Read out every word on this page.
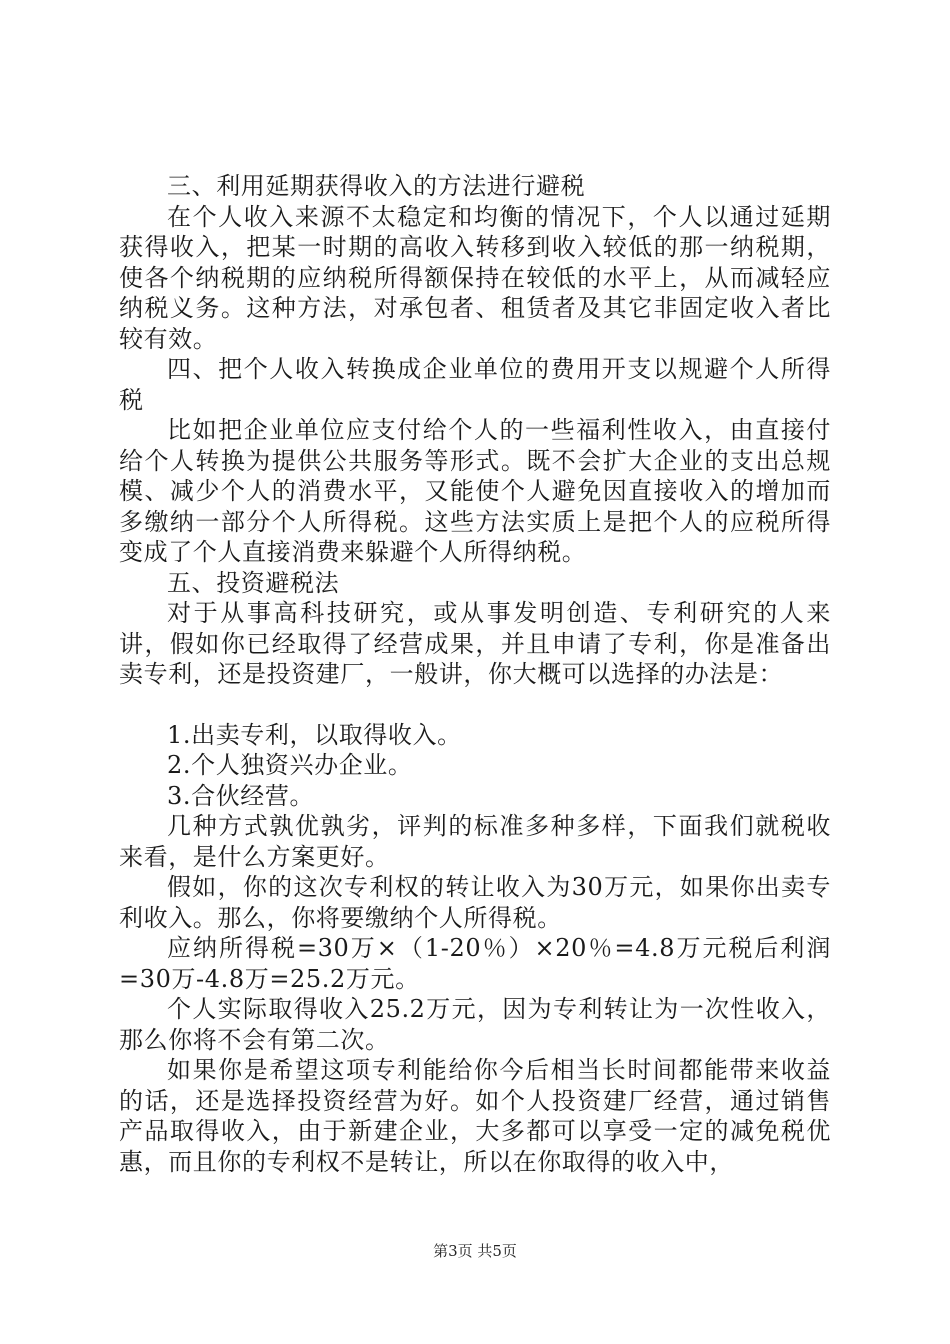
三、利用延期获得收入的方法进行避税

在个人收入来源不太稳定和均衡的情况下，个人以通过延期获得收入，把某一时期的高收入转移到收入较低的那一纳税期，使各个纳税期的应纳税所得额保持在较低的水平上，从而减轻应纳税义务。这种方法，对承包者、租赁者及其它非固定收入者比较有效。

四、把个人收入转换成企业单位的费用开支以规避个人所得税

比如把企业单位应支付给个人的一些福利性收入，由直接付给个人转换为提供公共服务等形式。既不会扩大企业的支出总规模、减少个人的消费水平，又能使个人避免因直接收入的增加而多缴纳一部分个人所得税。这些方法实质上是把个人的应税所得变成了个人直接消费来躲避个人所得纳税。

五、投资避税法

对于从事高科技研究，或从事发明创造、专利研究的人来讲，假如你已经取得了经营成果，并且申请了专利，你是准备出卖专利，还是投资建厂，一般讲，你大概可以选择的办法是：

1.出卖专利，以取得收入。

2.个人独资兴办企业。

3.合伙经营。

几种方式孰优孰劣，评判的标准多种多样，下面我们就税收来看，是什么方案更好。

假如，你的这次专利权的转让收入为30万元，如果你出卖专利收入。那么，你将要缴纳个人所得税。

应纳所得税=30万×（1-20％）×20％=4.8万元税后利润=30万-4.8万=25.2万元。

个人实际取得收入25.2万元，因为专利转让为一次性收入，那么你将不会有第二次。

如果你是希望这项专利能给你今后相当长时间都能带来收益的话，还是选择投资经营为好。如个人投资建厂经营，通过销售产品取得收入，由于新建企业，大多都可以享受一定的减免税优惠，而且你的专利权不是转让，所以在你取得的收入中，

第3页 共5页
